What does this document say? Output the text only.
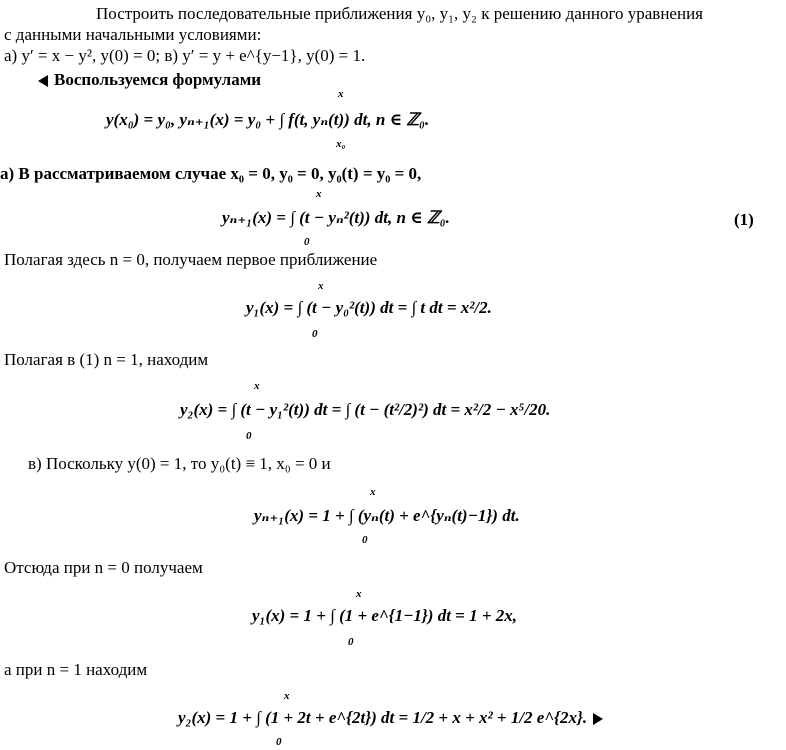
Построить последовательные приближения y₀, y₁, y₂ к решению данного уравнения
с данными начальными условиями:
а) y′ = x − y², y(0) = 0; в) y′ = y + e^{y−1}, y(0) = 1.
Воспользуемся формулами
y(x₀) = y₀, yₙ₊₁(x) = y₀ + ∫ f(t, yₙ(t)) dt, n ∈ ℤ₀.
x
x₀
а) В рассматриваемом случае x₀ = 0, y₀ = 0, y₀(t) = y₀ = 0,
yₙ₊₁(x) = ∫ (t − yₙ²(t)) dt, n ∈ ℤ₀.
x
0
(1)
Полагая здесь n = 0, получаем первое приближение
y₁(x) = ∫ (t − y₀²(t)) dt = ∫ t dt = x²/2.
x
0
Полагая в (1) n = 1, находим
y₂(x) = ∫ (t − y₁²(t)) dt = ∫ (t − (t²/2)²) dt = x²/2 − x⁵/20.
x
0
в) Поскольку y(0) = 1, то y₀(t) ≡ 1, x₀ = 0 и
yₙ₊₁(x) = 1 + ∫ (yₙ(t) + e^{yₙ(t)−1}) dt.
x
0
Отсюда при n = 0 получаем
y₁(x) = 1 + ∫ (1 + e^{1−1}) dt = 1 + 2x,
x
0
а при n = 1 находим
y₂(x) = 1 + ∫ (1 + 2t + e^{2t}) dt = 1/2 + x + x² + 1/2 e^{2x}.
x
0
